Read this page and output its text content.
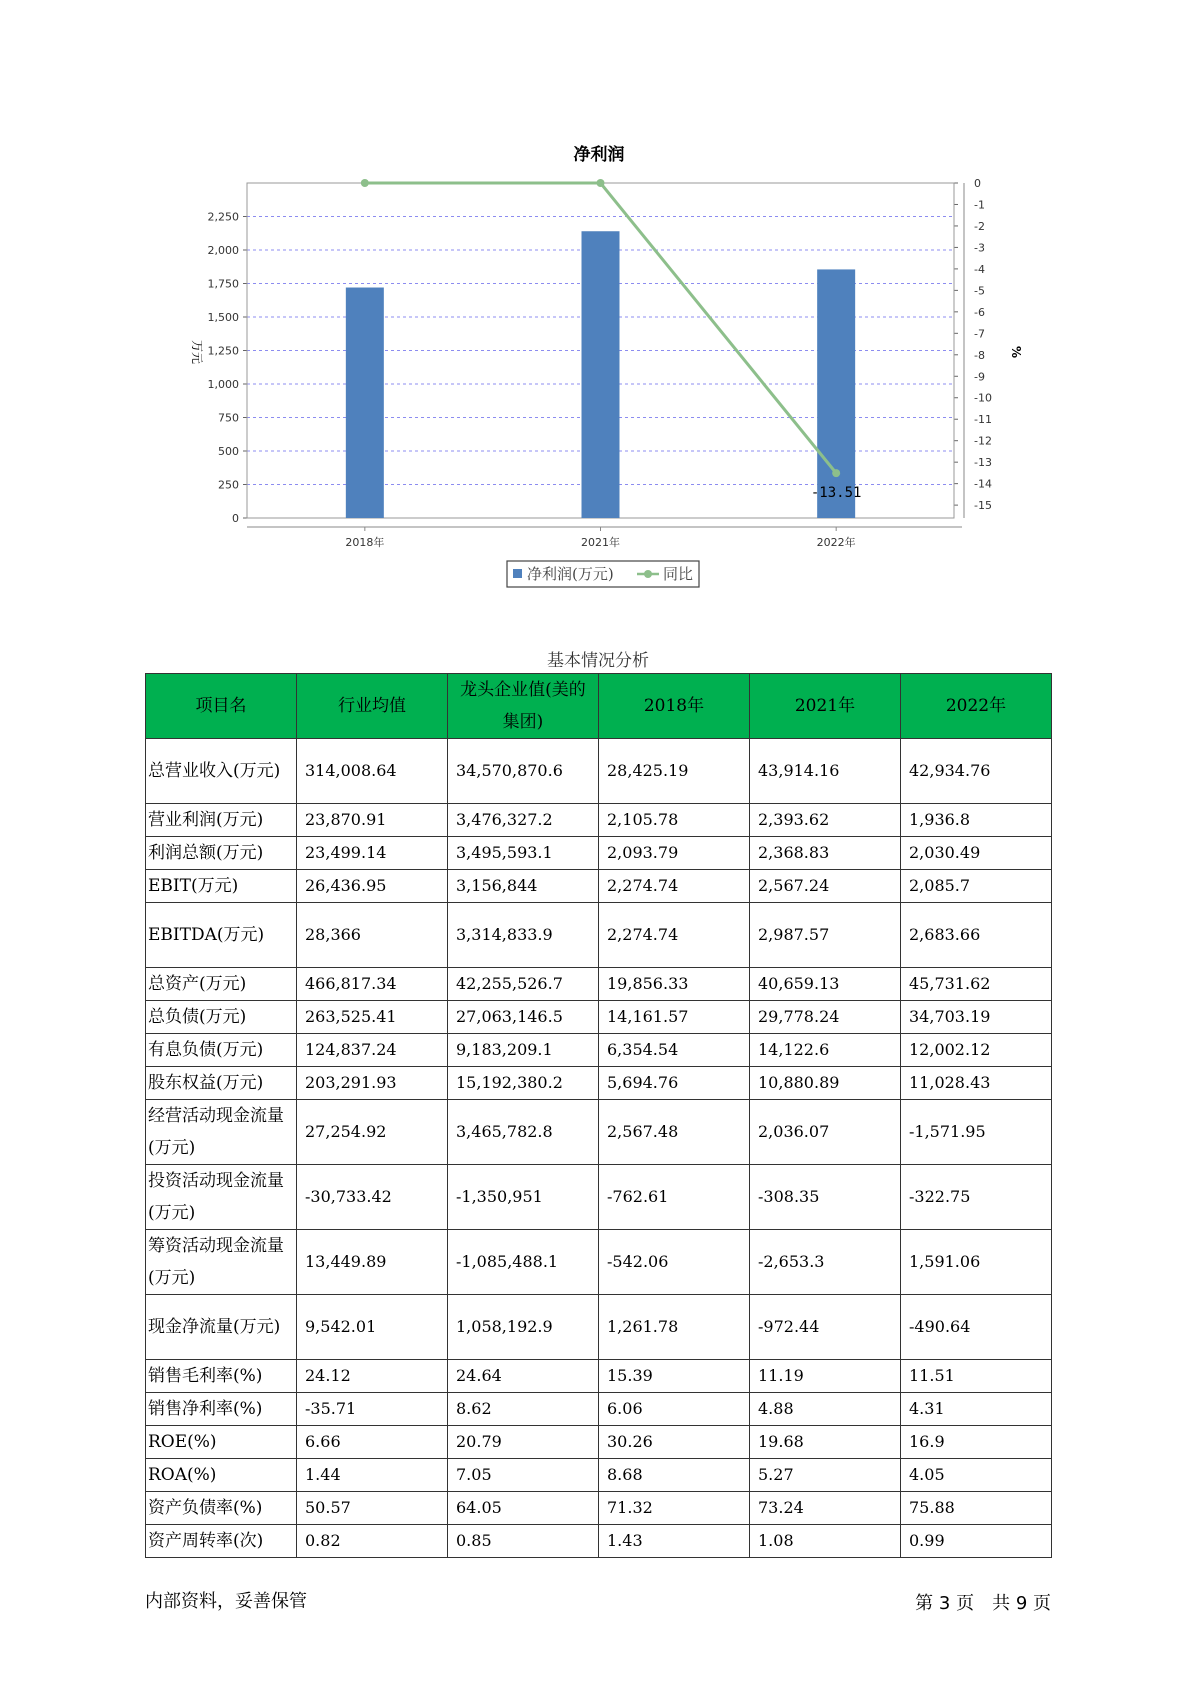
净利润
0
250
500
750
1,000
1,250
1,500
1,750
2,000
2,250
0
-1
-2
-3
-4
-5
-6
-7
-8
-9
-10
-11
-12
-13
-14
-15
万元	%
2018年	2021年	2022年
-13.51
净利润(万元)	同比
基本情况分析
项目名	行业均值	龙头企业值(美的集团)	2018年	2021年	2022年
总营业收入(万元)	314,008.64	34,570,870.6	28,425.19	43,914.16	42,934.76
营业利润(万元)	23,870.91	3,476,327.2	2,105.78	2,393.62	1,936.8
利润总额(万元)	23,499.14	3,495,593.1	2,093.79	2,368.83	2,030.49
EBIT(万元)	26,436.95	3,156,844	2,274.74	2,567.24	2,085.7
EBITDA(万元)	28,366	3,314,833.9	2,274.74	2,987.57	2,683.66
总资产(万元)	466,817.34	42,255,526.7	19,856.33	40,659.13	45,731.62
总负债(万元)	263,525.41	27,063,146.5	14,161.57	29,778.24	34,703.19
有息负债(万元)	124,837.24	9,183,209.1	6,354.54	14,122.6	12,002.12
股东权益(万元)	203,291.93	15,192,380.2	5,694.76	10,880.89	11,028.43
经营活动现金流量(万元)	27,254.92	3,465,782.8	2,567.48	2,036.07	-1,571.95
投资活动现金流量(万元)	-30,733.42	-1,350,951	-762.61	-308.35	-322.75
筹资活动现金流量(万元)	13,449.89	-1,085,488.1	-542.06	-2,653.3	1,591.06
现金净流量(万元)	9,542.01	1,058,192.9	1,261.78	-972.44	-490.64
销售毛利率(%)	24.12	24.64	15.39	11.19	11.51
销售净利率(%)	-35.71	8.62	6.06	4.88	4.31
ROE(%)	6.66	20.79	30.26	19.68	16.9
ROA(%)	1.44	7.05	8.68	5.27	4.05
资产负债率(%)	50.57	64.05	71.32	73.24	75.88
资产周转率(次)	0.82	0.85	1.43	1.08	0.99
内部资料，妥善保管	第 3 页　共 9 页
